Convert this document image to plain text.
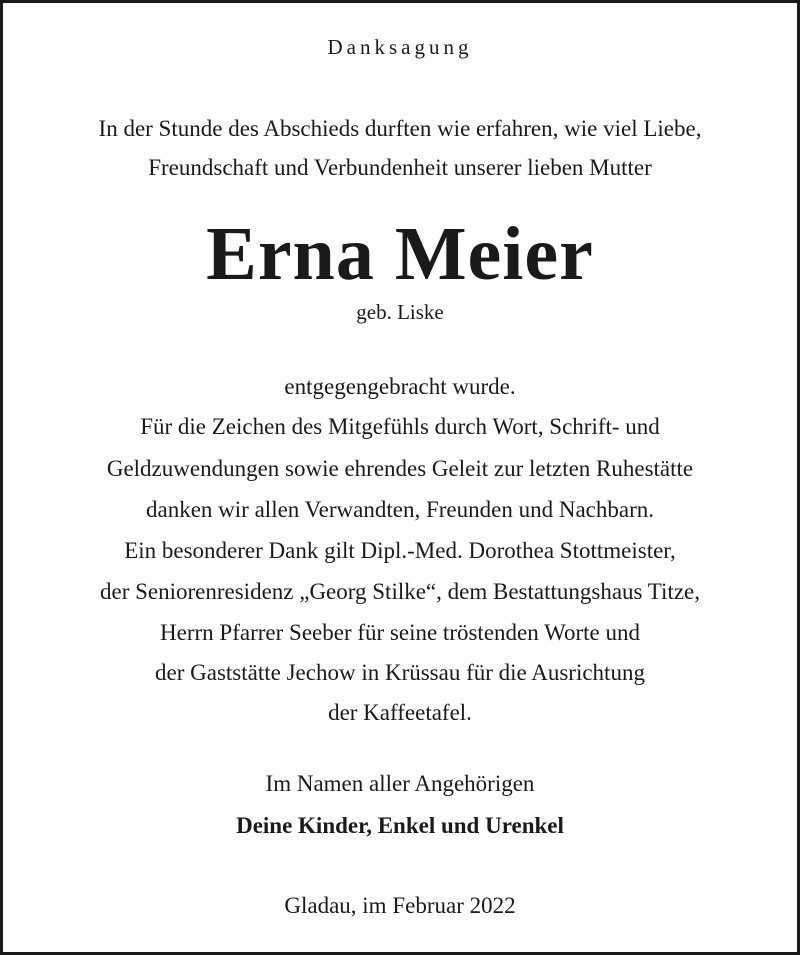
Danksagung

In der Stunde des Abschieds durften wie erfahren, wie viel Liebe,

Freundschaft und Verbundenheit unserer lieben Mutter

Erna Meier

geb. Liske

entgegengebracht wurde.

Für die Zeichen des Mitgefühls durch Wort, Schrift- und

Geldzuwendungen sowie ehrendes Geleit zur letzten Ruhestätte

danken wir allen Verwandten, Freunden und Nachbarn.

Ein besonderer Dank gilt Dipl.-Med. Dorothea Stottmeister,

der Seniorenresidenz „Georg Stilke“, dem Bestattungshaus Titze,

Herrn Pfarrer Seeber für seine tröstenden Worte und

der Gaststätte Jechow in Krüssau für die Ausrichtung

der Kaffeetafel.

Im Namen aller Angehörigen

Deine Kinder, Enkel und Urenkel

Gladau, im Februar 2022
